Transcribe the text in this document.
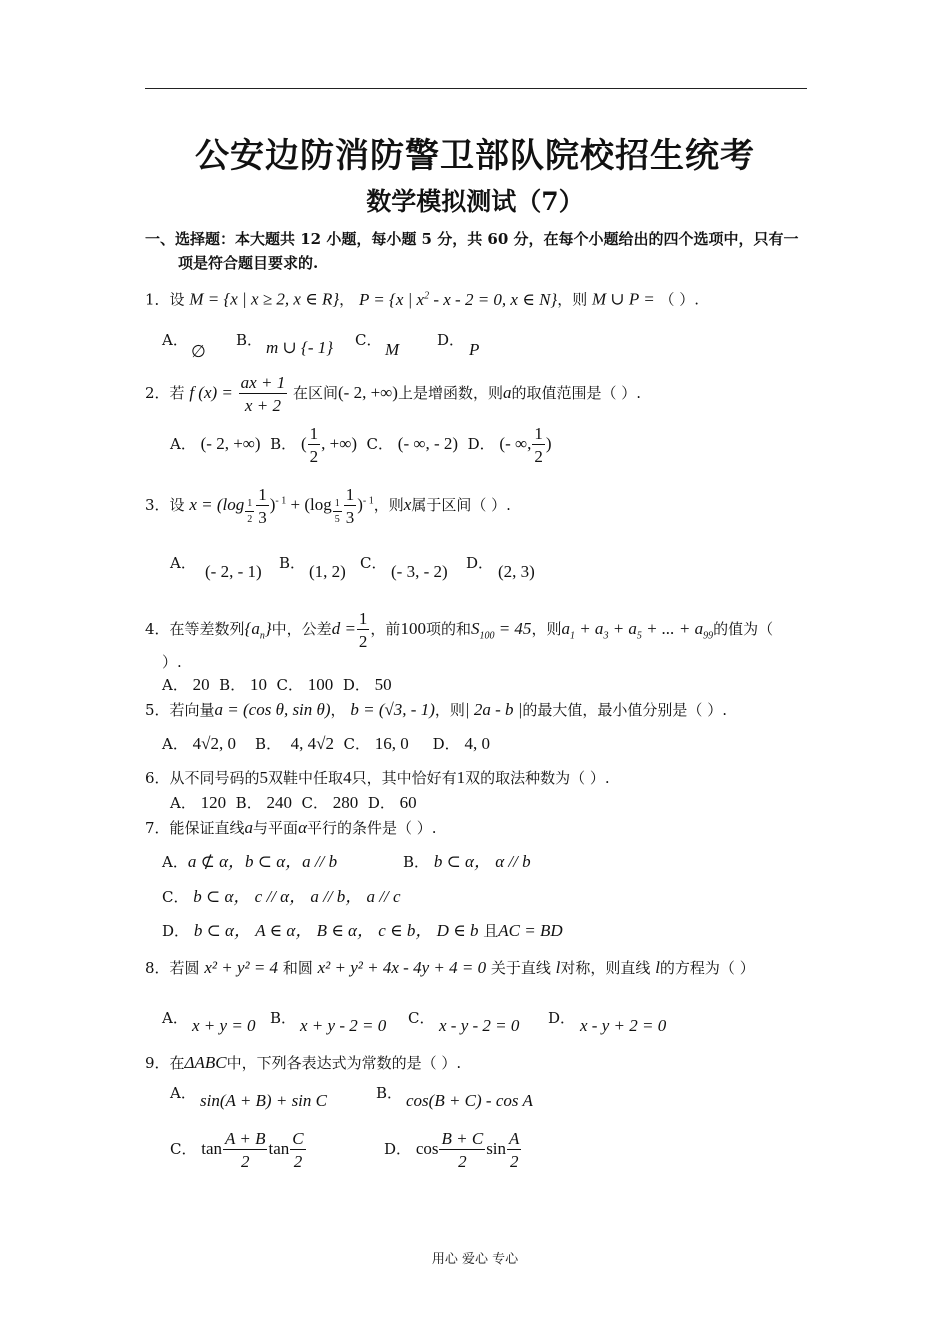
公安边防消防警卫部队院校招生统考
数学模拟测试（7）
一、选择题：本大题共 12 小题，每小题 5 分，共 60 分，在每个小题给出的四个选项中，只有一
项是符合题目要求的.
1．设 M = {x | x ≥ 2, x ∈ R}， P = {x | $x^2 - x - 2 = 0$, x ∈ N}，则 M ∪ P = （ ）.
A．
∅
B． m ∪ {- 1} C． M	D． P
2．若 f $(x) = \frac{ax + 1}{x + 2}$ 在区间(- 2, +∞)上是增函数，则a的取值范围是（ ）.
A． (- 2, +∞) B． ( $\frac{1}{2}$ , +∞) C． (- ∞, - 2) D． (- ∞, $\frac{1}{2}$ )
3．设 $x = (\log \frac{1}{2} \frac{1}{3} )^{- 1} + (\log \frac{1}{5} \frac{1}{3} )^{- 1}$，则x属于区间（ ）.
A． (- 2, - 1) B． (1, 2) C． (- 3, - 2) D． (2, 3)
4．在等差数列$\{a_n\}$中，公差$d = \frac{1}{2}$ ，前100项的和$S_{100} = 45$，则$a_1 + a_3 + a_5$ + ... + $a_{99}$的值为（
）.
A． 20 B． 10 C． 100 D． 50
5．若向量a = (cos θ, sin θ)， b = (√3, - 1)，则| 2a - b |的最大值，最小值分别是（ ）.
A． 4√2, 0 B． 4, 4√2 C． 16, 0 D． 4, 0
6．从不同号码的5双鞋中任取4只，其中恰好有1双的取法种数为（ ）.
A． 120 B． 240 C． 280 D． 60
7．能保证直线a与平面α平行的条件是（ ）.
A．a ⊄ α，b ⊂ α，a // b	B． b ⊂ α， α // b
C． b ⊂ α， c // α， a // b， a // c
D． b ⊂ α， A ∈ α， B ∈ α， c ∈ b， D ∈ b 且AC = BD
8．若圆 x² + y² = 4 和圆 x² + y² + 4x - 4y + 4 = 0 关于直线 l对称，则直线 l的方程为（ ）
A． x + y = 0 B． x + y - 2 = 0 C． x - y - 2 = 0 D． x - y + 2 = 0
9．在ΔABC中，下列各表达式为常数的是（ ）.
A． sin(A + B) + sin C	B． cos(B + C) - cos A
C． $\tan \frac{A + B}{2}$ $\tan \frac{C}{2}$	D． $\cos \frac{B + C}{2}$ $\sin \frac{A}{2}$
用心 爱心 专心
